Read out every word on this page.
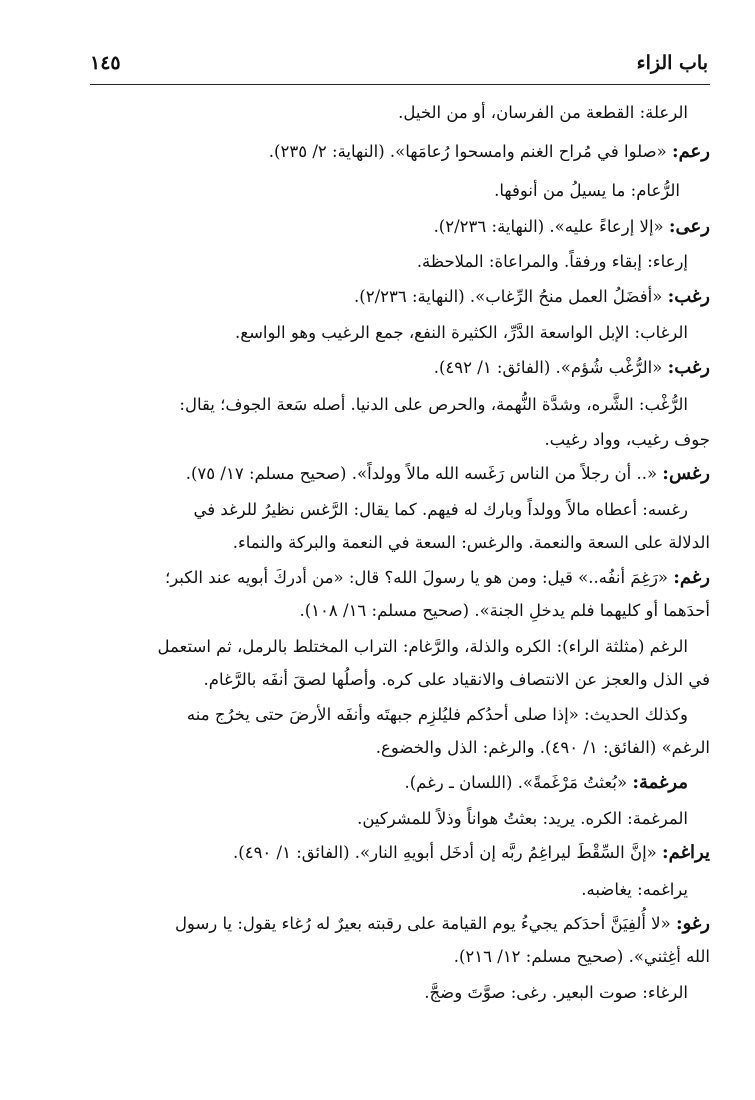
باب الزاء
١٤٥
الرعلة: القطعة من الفرسان، أو من الخيل.
رعم: «صلوا في مُراح الغنم وامسحوا رُعامَها». (النهاية: ٢/ ٢٣٥).
الرُّعام: ما يسيلُ من أنوفها.
رعى: «إلا إرعاءً عليه». (النهاية: ٢/٢٣٦).
إرعاء: إبقاء ورفقاً. والمراعاة: الملاحظة.
رغب: «أفضَلُ العمل منحُ الرِّغاب». (النهاية: ٢/٢٣٦).
الرغاب: الإبل الواسعة الدَّرِّ، الكثيرة النفع، جمع الرغيب وهو الواسع.
رغب: «الرُّغْب شُؤم». (الفائق: ١/ ٤٩٢).
الرُّغْب: الشَّره، وشدَّة النُّهمة، والحرص على الدنيا. أصله سَعة الجوف؛ يقال:
جوف رغيب، وواد رغيب.
رغس: «.. أن رجلاً من الناس رَغَسه الله مالاً وولداً». (صحيح مسلم: ١٧/ ٧٥).
رغسه: أعطاه مالاً وولداً وبارك له فيهم. كما يقال: الرَّغس نظيرُ للرغد في
الدلالة على السعة والنعمة. والرغس: السعة في النعمة والبركة والنماء.
رغم: «رَغِمَ أنفُه..» قيل: ومن هو يا رسولَ الله؟ قال: «من أدركَ أبويه عند الكبر؛
أحدَهما أو كليهما فلم يدخلِ الجنة». (صحيح مسلم: ١٦/ ١٠٨).
الرغم (مثلثة الراء): الكره والذلة، والرَّغام: التراب المختلط بالرمل، ثم استعمل
في الذل والعجز عن الانتصاف والانقياد على كره. وأصلُها لصقَ أنفَه بالرَّغام.
وكذلك الحديث: «إذا صلى أحدُكم فليُلزِم جبهتَه وأنفَه الأرضَ حتى يخرُج منه
الرغم» (الفائق: ١/ ٤٩٠). والرغم: الذل والخضوع.
مرغمة: «بُعثتُ مَرْغَمةً». (اللسان ـ رغم).
المرغمة: الكره. يريد: بعثتُ هواناً وذلاً للمشركين.
يراغم: «إنَّ السِّقْطَ ليراغِمُ ربَّه إن أدخَل أبويهِ النار». (الفائق: ١/ ٤٩٠).
يراغمه: يغاضبه.
رغو: «لا أُلفِيَنَّ أحدَكم يجيءُ يوم القيامة على رقبته بعيرٌ له رُغاء يقول: يا رسول
الله أغِثني». (صحيح مسلم: ١٢/ ٢١٦).
الرغاء: صوت البعير. رغى: صوَّتَ وضجَّ.
